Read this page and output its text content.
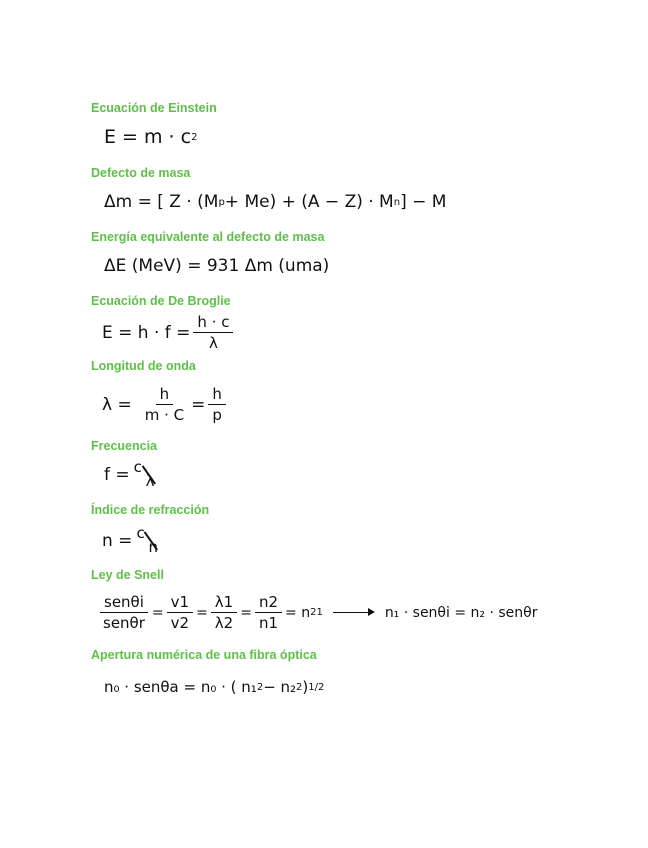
Ecuación de Einstein
E = m · c 2
Defecto de masa
Δm = [ Z · (M p + Me) + (A − Z) · M n ] − M
Energía equivalente al defecto de masa
ΔE (MeV) = 931 Δm (uma)
Ecuación de De Broglie
$E = h \cdot f = \frac{h \cdot c}{\lambda}$
Longitud de onda
$\lambda = \frac{h}{m \cdot C} = \frac{h}{p}$
Frecuencia
f = c
λ
Índice de refracción
n = c
n
Ley de Snell
$\frac{\text{senθi}}{\text{senθr}} = \frac{v1}{v2} = \frac{\lambda 1}{\lambda 2} = \frac{n2}{n1} = n$ 21	n₁ · senθi = n₂ · senθr
Apertura numérica de una fibra óptica
n₀ · senθa = n₀ · ( n₁ 2 − n₂ 2 ) 1/2
